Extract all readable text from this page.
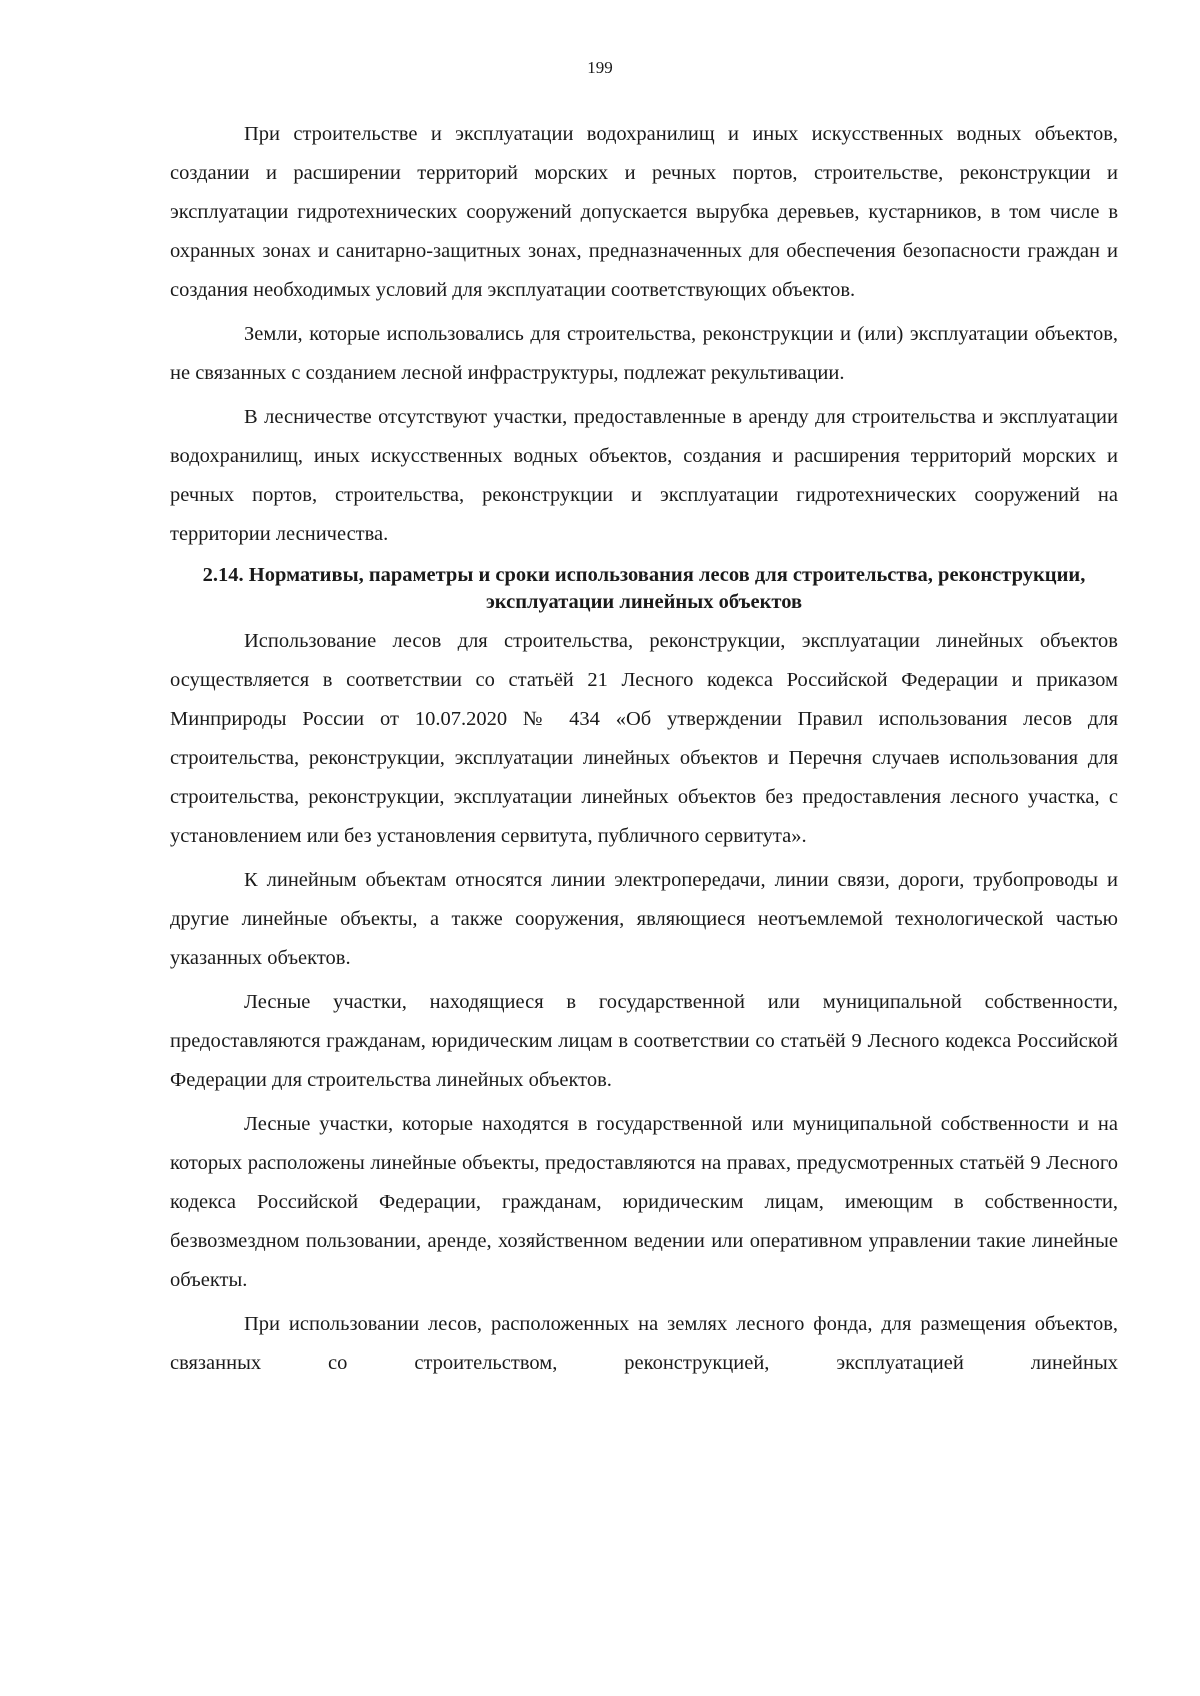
199

При строительстве и эксплуатации водохранилищ и иных искусственных водных объектов, создании и расширении территорий морских и речных портов, строительстве, реконструкции и эксплуатации гидротехнических сооружений допускается вырубка деревьев, кустарников, в том числе в охранных зонах и санитарно-защитных зонах, предназначенных для обеспечения безопасности граждан и создания необходимых условий для эксплуатации соответствующих объектов.

Земли, которые использовались для строительства, реконструкции и (или) эксплуатации объектов, не связанных с созданием лесной инфраструктуры, подлежат рекультивации.

В лесничестве отсутствуют участки, предоставленные в аренду для строительства и эксплуатации водохранилищ, иных искусственных водных объектов, создания и расширения территорий морских и речных портов, строительства, реконструкции и эксплуатации гидротехнических сооружений на территории лесничества.

2.14. Нормативы, параметры и сроки использования лесов для строительства, реконструкции, эксплуатации линейных объектов

Использование лесов для строительства, реконструкции, эксплуатации линейных объектов осуществляется в соответствии со статьёй 21 Лесного кодекса Российской Федерации и приказом Минприроды России от 10.07.2020 № 434 «Об утверждении Правил использования лесов для строительства, реконструкции, эксплуатации линейных объектов и Перечня случаев использования для строительства, реконструкции, эксплуатации линейных объектов без предоставления лесного участка, с установлением или без установления сервитута, публичного сервитута».

К линейным объектам относятся линии электропередачи, линии связи, дороги, трубопроводы и другие линейные объекты, а также сооружения, являющиеся неотъемлемой технологической частью указанных объектов.

Лесные участки, находящиеся в государственной или муниципальной собственности, предоставляются гражданам, юридическим лицам в соответствии со статьёй 9 Лесного кодекса Российской Федерации для строительства линейных объектов.

Лесные участки, которые находятся в государственной или муниципальной собственности и на которых расположены линейные объекты, предоставляются на правах, предусмотренных статьёй 9 Лесного кодекса Российской Федерации, гражданам, юридическим лицам, имеющим в собственности, безвозмездном пользовании, аренде, хозяйственном ведении или оперативном управлении такие линейные объекты.

При использовании лесов, расположенных на землях лесного фонда, для размещения объектов, связанных со строительством, реконструкцией, эксплуатацией линейных
